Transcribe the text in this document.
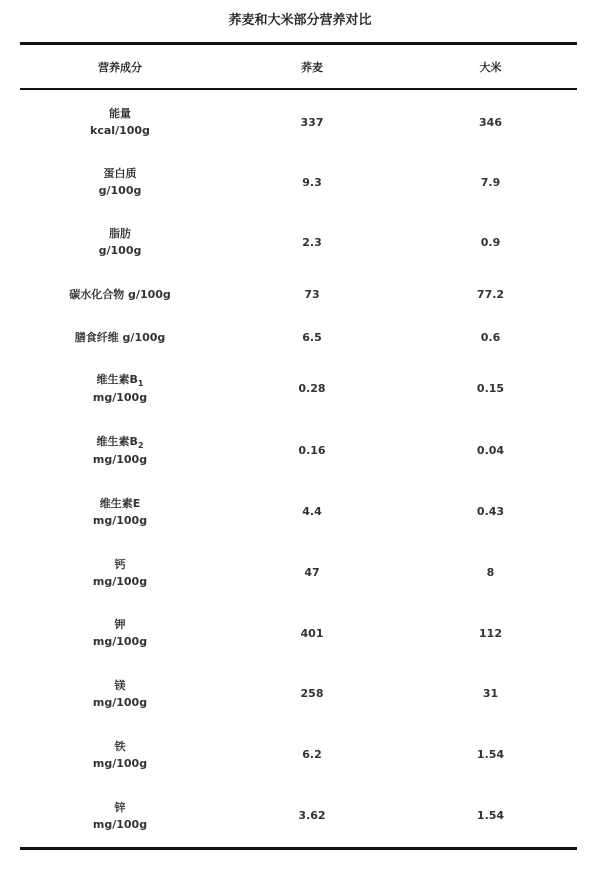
荞麦和大米部分营养对比
营养成分	荞麦	大米
能量
kcal/100g
337	346
蛋白质
g/100g
9.3	7.9
脂肪
g/100g
2.3	0.9
碳水化合物 g/100g	73	77.2
膳食纤维 g/100g	6.5	0.6
维生素$B_1$
mg/100g
0.28	0.15
维生素$B_2$
mg/100g
0.16	0.04
维生素E
mg/100g
4.4	0.43
钙
mg/100g
47	8
钾
mg/100g
401	112
镁
mg/100g
258	31
铁
mg/100g
6.2	1.54
锌
mg/100g
3.62	1.54
